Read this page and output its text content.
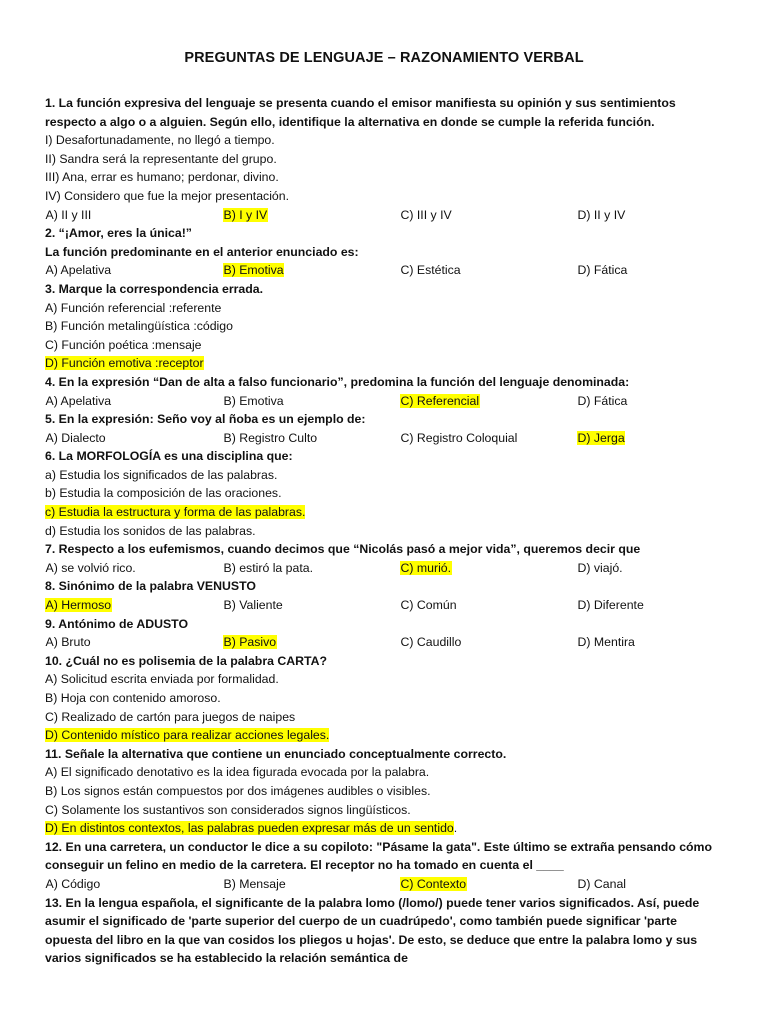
PREGUNTAS DE LENGUAJE – RAZONAMIENTO VERBAL
1. La función expresiva del lenguaje se presenta cuando el emisor manifiesta su opinión y sus sentimientos respecto a algo o a alguien. Según ello, identifique la alternativa en donde se cumple la referida función.
I) Desafortunadamente, no llegó a tiempo.
II) Sandra será la representante del grupo.
III) Ana, errar es humano; perdonar, divino.
IV) Considero que fue la mejor presentación.
A) II y III	B) I y IV	C) III y IV	D) II y IV
2. “¡Amor, eres la única!”
La función predominante en el anterior enunciado es:
A) Apelativa	B) Emotiva	C) Estética	D) Fática
3. Marque la correspondencia errada.
A) Función referencial :referente
B) Función metalingüística :código
C) Función poética :mensaje
D) Función emotiva :receptor
4. En la expresión “Dan de alta a falso funcionario”, predomina la función del lenguaje denominada:
A) Apelativa	B) Emotiva	C) Referencial	D) Fática
5. En la expresión: Seño voy al ñoba es un ejemplo de:
A) Dialecto	B) Registro Culto	C) Registro Coloquial	D) Jerga
6. La MORFOLOGÍA es una disciplina que:
a) Estudia los significados de las palabras.
b) Estudia la composición de las oraciones.
c) Estudia la estructura y forma de las palabras.
d) Estudia los sonidos de las palabras.
7. Respecto a los eufemismos, cuando decimos que “Nicolás pasó a mejor vida”, queremos decir que
A) se volvió rico.	B) estiró la pata.	C) murió.	D) viajó.
8. Sinónimo de la palabra VENUSTO
A) Hermoso	B) Valiente	C) Común	D) Diferente
9. Antónimo de ADUSTO
A) Bruto	B) Pasivo	C) Caudillo	D) Mentira
10. ¿Cuál no es polisemia de la palabra CARTA?
A) Solicitud escrita enviada por formalidad.
B) Hoja con contenido amoroso.
C) Realizado de cartón para juegos de naipes
D) Contenido místico para realizar acciones legales.
11. Señale la alternativa que contiene un enunciado conceptualmente correcto.
A) El significado denotativo es la idea figurada evocada por la palabra.
B) Los signos están compuestos por dos imágenes audibles o visibles.
C) Solamente los sustantivos son considerados signos lingüísticos.
D) En distintos contextos, las palabras pueden expresar más de un sentido.
12. En una carretera, un conductor le dice a su copiloto: "Pásame la gata". Este último se extraña pensando cómo conseguir un felino en medio de la carretera. El receptor no ha tomado en cuenta el ____
A) Código	B) Mensaje	C) Contexto	D) Canal
13. En la lengua española, el significante de la palabra lomo (/lomo/) puede tener varios significados. Así, puede asumir el significado de 'parte superior del cuerpo de un cuadrúpedo', como también puede significar 'parte opuesta del libro en la que van cosidos los pliegos u hojas'. De esto, se deduce que entre la palabra lomo y sus varios significados se ha establecido la relación semántica de
